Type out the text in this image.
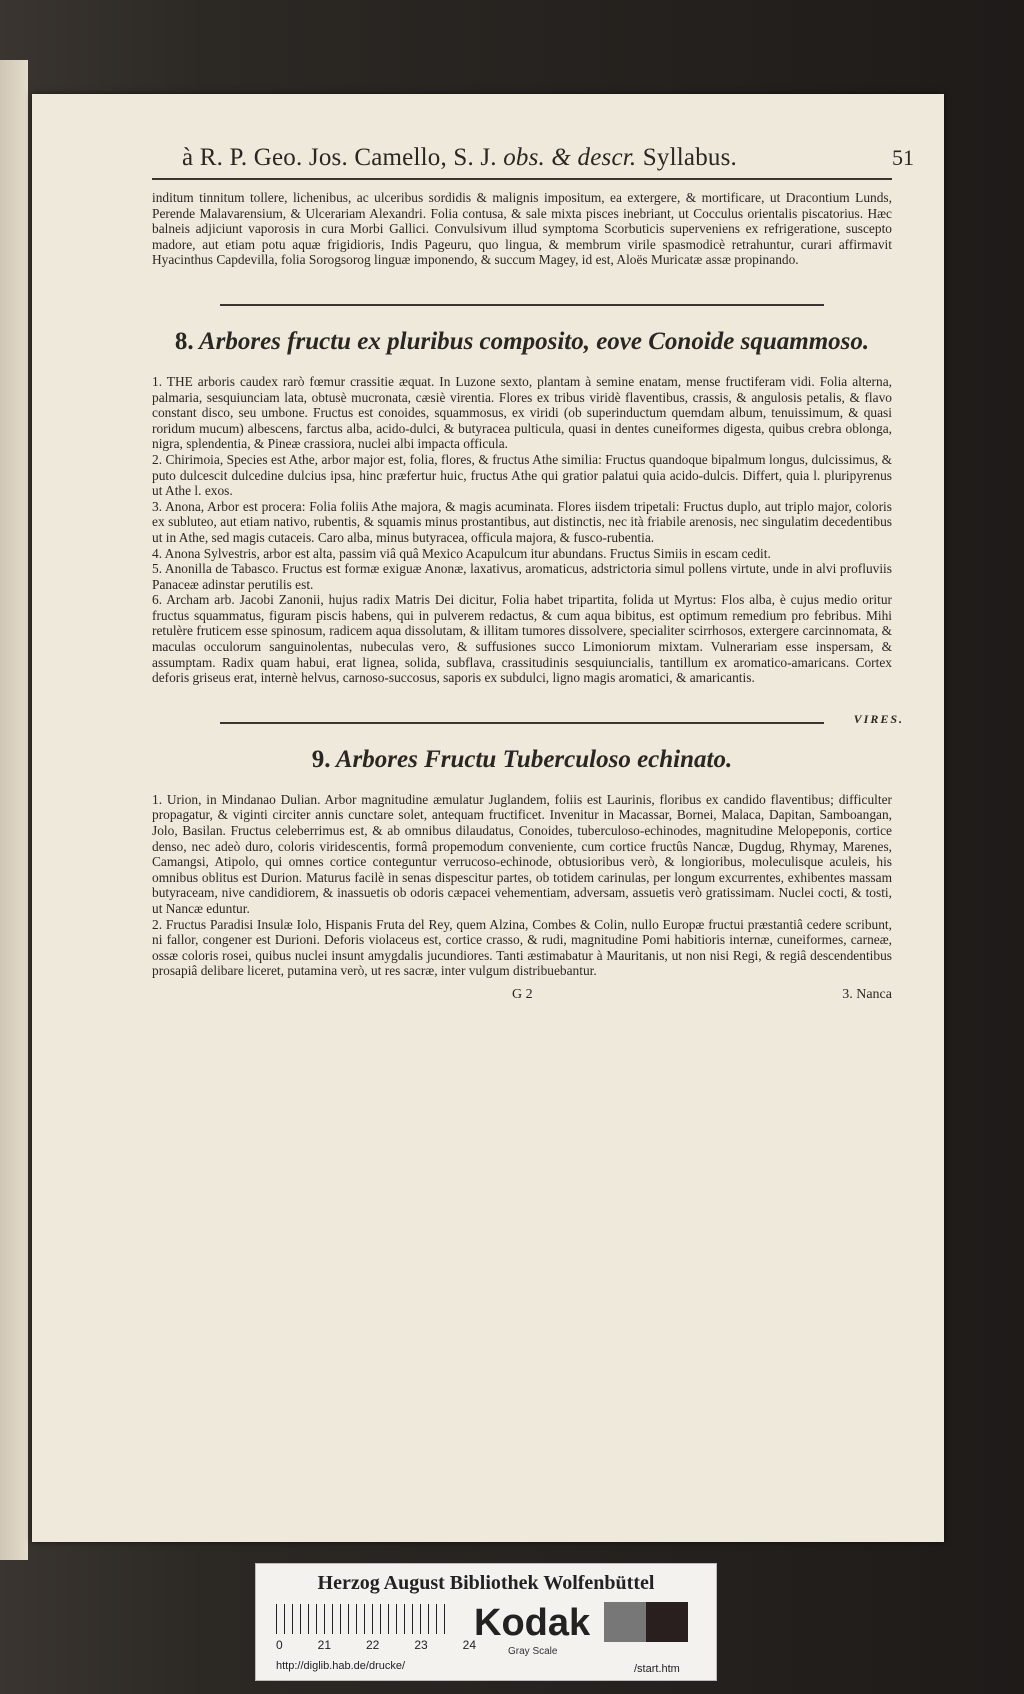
à R. P. Geo. Jos. Camello, S. J. obs. & descr. Syllabus.	51

inditum tinnitum tollere, lichenibus, ac ulceribus sordidis & malignis impositum, ea extergere, & mortificare, ut Dracontium Lunds, Perende Malavarensium, & Ulcerariam Alexandri. Folia contusa, & sale mixta pisces inebriant, ut Cocculus orientalis piscatorius. Hæc balneis adjiciunt vaporosis in cura Morbi Gallici. Convulsivum illud symptoma Scorbuticis superveniens ex refrigeratione, suscepto madore, aut etiam potu aquæ frigidioris, Indis Pageuru, quo lingua, & membrum virile spasmodicè retrahuntur, curari affirmavit Hyacinthus Capdevilla, folia Sorogsorog linguæ imponendo, & succum Magey, id est, Aloës Muricatæ assæ propinando.

8. Arbores fructu ex pluribus composito, eove Conoide squammoso.

1. THE arboris caudex rarò fœmur crassitie æquat. In Luzone sexto, plantam à semine enatam, mense fructiferam vidi. Folia alterna, palmaria, sesquiunciam lata, obtusè mucronata, cæsiè virentia. Flores ex tribus viridè flaventibus, crassis, & angulosis petalis, & flavo constant disco, seu umbone. Fructus est conoides, squammosus, ex viridi (ob superinductum quemdam album, tenuissimum, & quasi roridum mucum) albescens, farctus alba, acido-dulci, & butyracea pulticula, quasi in dentes cuneiformes digesta, quibus crebra oblonga, nigra, splendentia, & Pineæ crassiora, nuclei albi impacta officula.

2. Chirimoia, Species est Athe, arbor major est, folia, flores, & fructus Athe similia: Fructus quandoque bipalmum longus, dulcissimus, & puto dulcescit dulcedine dulcius ipsa, hinc præfertur huic, fructus Athe qui gratior palatui quia acido-dulcis. Differt, quia l. pluripyrenus ut Athe l. exos.

3. Anona, Arbor est procera: Folia foliis Athe majora, & magis acuminata. Flores iisdem tripetali: Fructus duplo, aut triplo major, coloris ex subluteo, aut etiam nativo, rubentis, & squamis minus prostantibus, aut distinctis, nec ità friabile arenosis, nec singulatim decedentibus ut in Athe, sed magis cutaceis. Caro alba, minus butyracea, officula majora, & fusco-rubentia.

4. Anona Sylvestris, arbor est alta, passim viâ quâ Mexico Acapulcum itur abundans. Fructus Simiis in escam cedit.

5. Anonilla de Tabasco. Fructus est formæ exiguæ Anonæ, laxativus, aromaticus, adstrictoria simul pollens virtute, unde in alvi profluviis Panaceæ adinstar perutilis est.

6. Archam arb. Jacobi Zanonii, hujus radix Matris Dei dicitur, Folia habet tripartita, folida ut Myrtus: Flos alba, è cujus medio oritur fructus squammatus, figuram piscis habens, qui in pulverem redactus, & cum aqua bibitus, est optimum remedium pro febribus. Mihi retulère fruticem esse spinosum, radicem aqua dissolutam, & illitam tumores dissolvere, specialiter scirrhosos, extergere carcinnomata, & maculas occulorum sanguinolentas, nubeculas vero, & suffusiones succo Limoniorum mixtam. Vulnerariam esse inspersam, & assumptam. Radix quam habui, erat lignea, solida, subflava, crassitudinis sesquiuncialis, tantillum ex aromatico-amaricans. Cortex deforis griseus erat, internè helvus, carnoso-succosus, saporis ex subdulci, ligno magis aromatici, & amaricantis.

VIRES.
9. Arbores Fructu Tuberculoso echinato.

1. Urion, in Mindanao Dulian. Arbor magnitudine æmulatur Juglandem, foliis est Laurinis, floribus ex candido flaventibus; difficulter propagatur, & viginti circiter annis cunctare solet, antequam fructificet. Invenitur in Macassar, Bornei, Malaca, Dapitan, Samboangan, Jolo, Basilan. Fructus celeberrimus est, & ab omnibus dilaudatus, Conoides, tuberculoso-echinodes, magnitudine Melopeponis, cortice denso, nec adeò duro, coloris viridescentis, formâ propemodum conveniente, cum cortice fructûs Nancæ, Dugdug, Rhymay, Marenes, Camangsi, Atipolo, qui omnes cortice conteguntur verrucoso-echinode, obtusioribus verò, & longioribus, moleculisque aculeis, his omnibus oblitus est Durion. Maturus facilè in senas dispescitur partes, ob totidem carinulas, per longum excurrentes, exhibentes massam butyraceam, nive candidiorem, & inassuetis ob odoris cæpacei vehementiam, adversam, assuetis verò gratissimam. Nuclei cocti, & tosti, ut Nancæ eduntur.

2. Fructus Paradisi Insulæ Iolo, Hispanis Fruta del Rey, quem Alzina, Combes & Colin, nullo Europæ fructui præstantiâ cedere scribunt, ni fallor, congener est Durioni. Deforis violaceus est, cortice crasso, & rudi, magnitudine Pomi habitioris internæ, cuneiformes, carneæ, ossæ coloris rosei, quibus nuclei insunt amygdalis jucundiores. Tanti æstimabatur à Mauritanis, ut non nisi Regi, & regiâ descendentibus prosapiâ delibare liceret, putamina verò, ut res sacræ, inter vulgum distribuebantur.

G 2	3. Nanca
Herzog August Bibliothek Wolfenbüttel
0	21	22	23	24
Kodak
Gray Scale
http://diglib.hab.de/drucke/	/start.htm
